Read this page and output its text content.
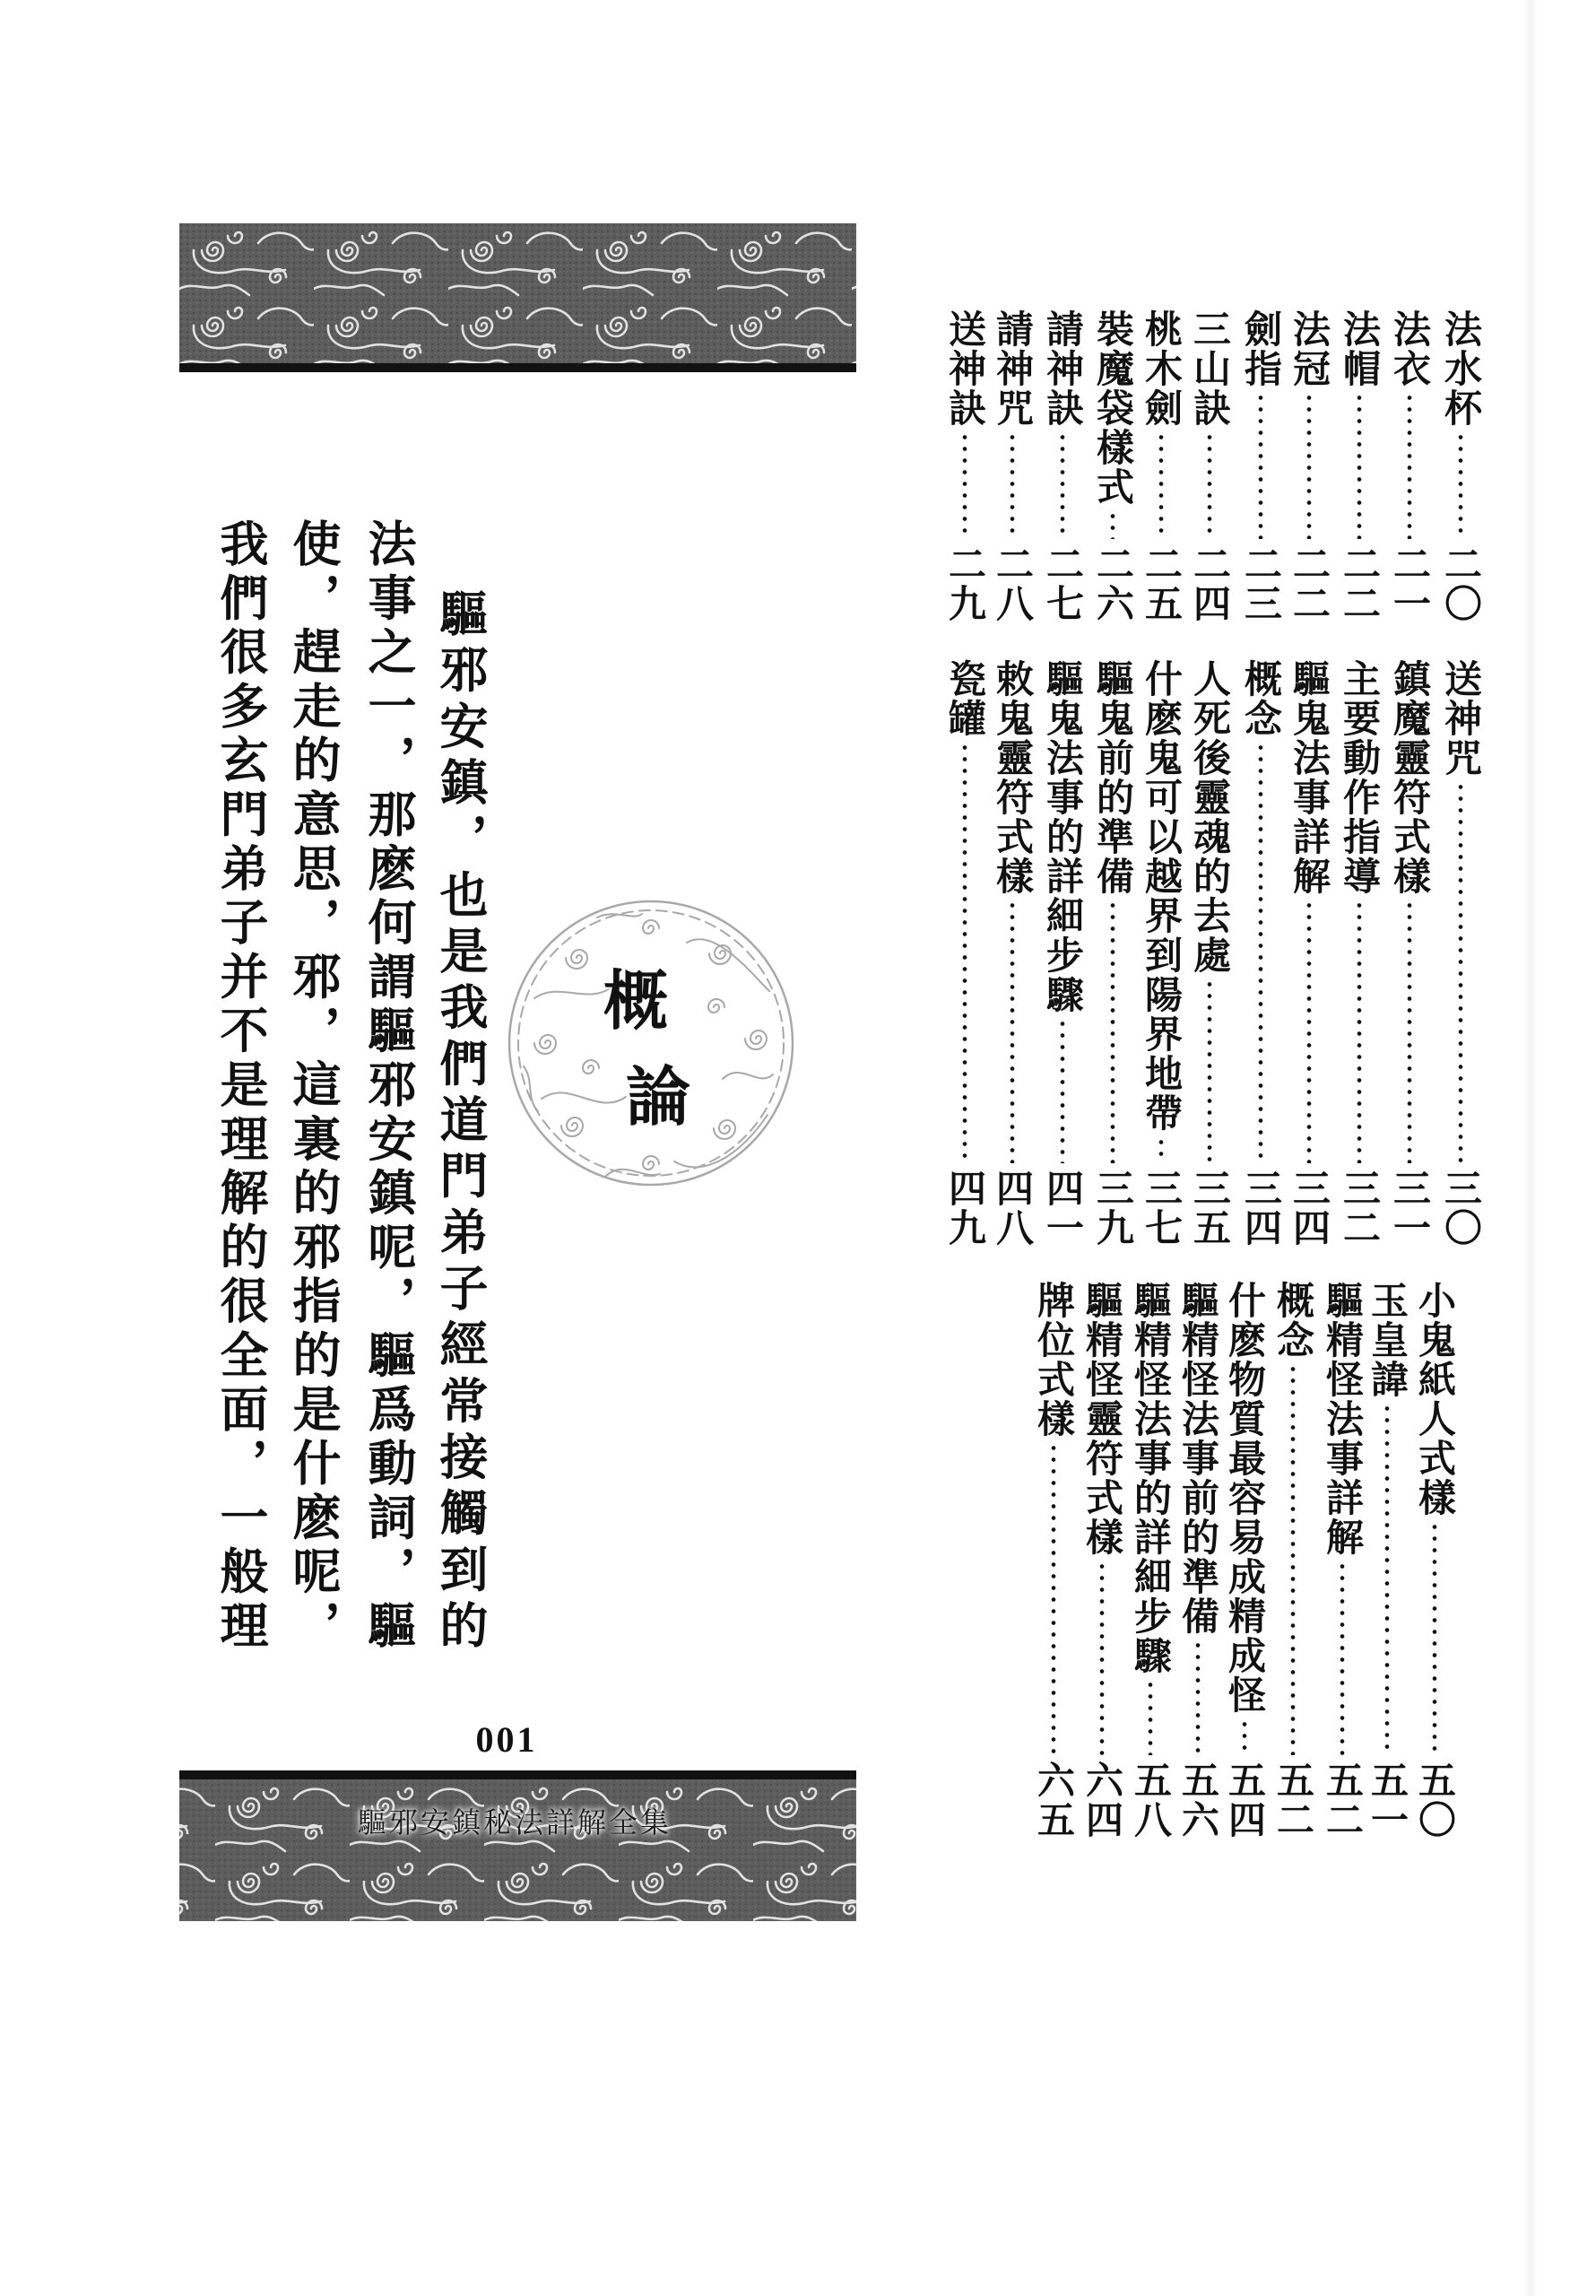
驅邪安鎮，也是我們道門弟子經常接觸到的
法事之一，那麽何謂驅邪安鎮呢，驅爲動詞，驅
使，趕走的意思，邪，這裏的邪指的是什麽呢，
我們很多玄門弟子并不是理解的很全面，一般理	概
論
001
驅邪安鎮秘法詳解全集
法水杯
二〇
法衣
二一
法帽
二二
法冠
二二
劍指
二三
三山訣
二四
桃木劍
二五
裝魔袋樣式
二六
請神訣
二七
請神咒
二八
送神訣
二九
送神咒
三〇
鎮魔靈符式樣
三一
主要動作指導
三二
驅鬼法事詳解
三四
概念
三四
人死後靈魂的去處
三五
什麽鬼可以越界到陽界地帶
三七
驅鬼前的準備
三九
驅鬼法事的詳細步驟
四一
敕鬼靈符式樣
四八
瓷罐
四九
小鬼紙人式樣
五〇
玉皇諱
五一
驅精怪法事詳解
五二
概念
五二
什麽物質最容易成精成怪
五四
驅精怪法事前的準備
五六
驅精怪法事的詳細步驟
五八
驅精怪靈符式樣
六四
牌位式樣
六五
